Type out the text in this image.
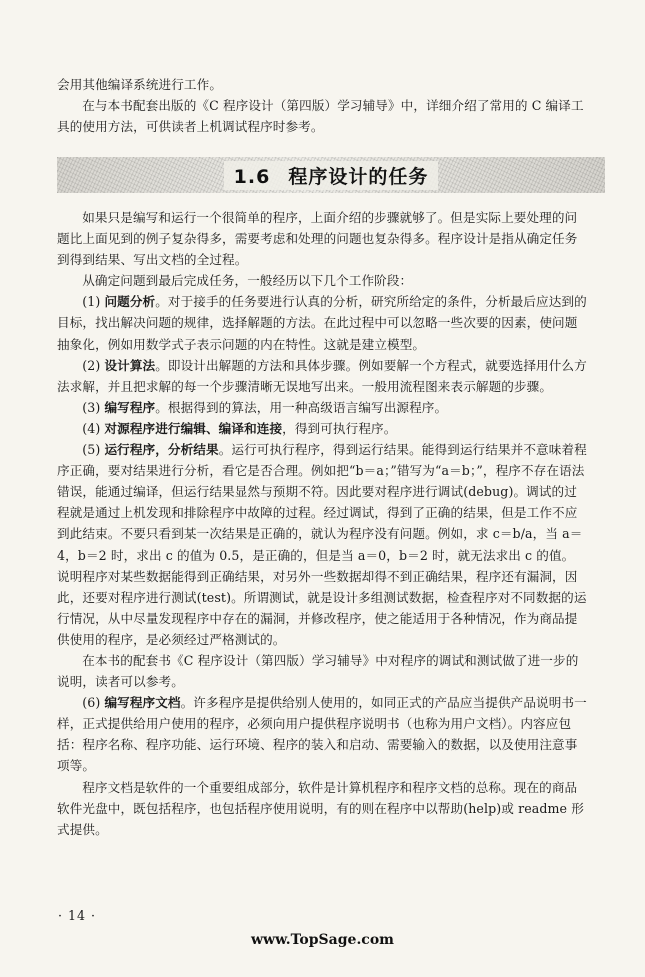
会用其他编译系统进行工作。

在与本书配套出版的《C 程序设计（第四版）学习辅导》中，详细介绍了常用的 C 编译工具的使用方法，可供读者上机调试程序时参考。

1.6 程序设计的任务

如果只是编写和运行一个很简单的程序，上面介绍的步骤就够了。但是实际上要处理的问题比上面见到的例子复杂得多，需要考虑和处理的问题也复杂得多。程序设计是指从确定任务到得到结果、写出文档的全过程。

从确定问题到最后完成任务，一般经历以下几个工作阶段：

(1) 问题分析。对于接手的任务要进行认真的分析，研究所给定的条件，分析最后应达到的目标，找出解决问题的规律，选择解题的方法。在此过程中可以忽略一些次要的因素，使问题抽象化，例如用数学式子表示问题的内在特性。这就是建立模型。

(2) 设计算法。即设计出解题的方法和具体步骤。例如要解一个方程式，就要选择用什么方法求解，并且把求解的每一个步骤清晰无误地写出来。一般用流程图来表示解题的步骤。

(3) 编写程序。根据得到的算法，用一种高级语言编写出源程序。

(4) 对源程序进行编辑、编译和连接，得到可执行程序。

(5) 运行程序，分析结果。运行可执行程序，得到运行结果。能得到运行结果并不意味着程序正确，要对结果进行分析，看它是否合理。例如把“b＝a；”错写为“a＝b；”，程序不存在语法错误，能通过编译，但运行结果显然与预期不符。因此要对程序进行调试(debug)。调试的过程就是通过上机发现和排除程序中故障的过程。经过调试，得到了正确的结果，但是工作不应到此结束。不要只看到某一次结果是正确的，就认为程序没有问题。例如，求 c＝b/a，当 a＝4，b＝2 时，求出 c 的值为 0.5，是正确的，但是当 a＝0，b＝2 时，就无法求出 c 的值。说明程序对某些数据能得到正确结果，对另外一些数据却得不到正确结果，程序还有漏洞，因此，还要对程序进行测试(test)。所谓测试，就是设计多组测试数据，检查程序对不同数据的运行情况，从中尽量发现程序中存在的漏洞，并修改程序，使之能适用于各种情况，作为商品提供使用的程序，是必须经过严格测试的。

在本书的配套书《C 程序设计（第四版）学习辅导》中对程序的调试和测试做了进一步的说明，读者可以参考。

(6) 编写程序文档。许多程序是提供给别人使用的，如同正式的产品应当提供产品说明书一样，正式提供给用户使用的程序，必须向用户提供程序说明书（也称为用户文档）。内容应包括：程序名称、程序功能、运行环境、程序的装入和启动、需要输入的数据，以及使用注意事项等。

程序文档是软件的一个重要组成部分，软件是计算机程序和程序文档的总称。现在的商品软件光盘中，既包括程序，也包括程序使用说明，有的则在程序中以帮助(help)或 readme 形式提供。

· 14 ·
www.TopSage.com
